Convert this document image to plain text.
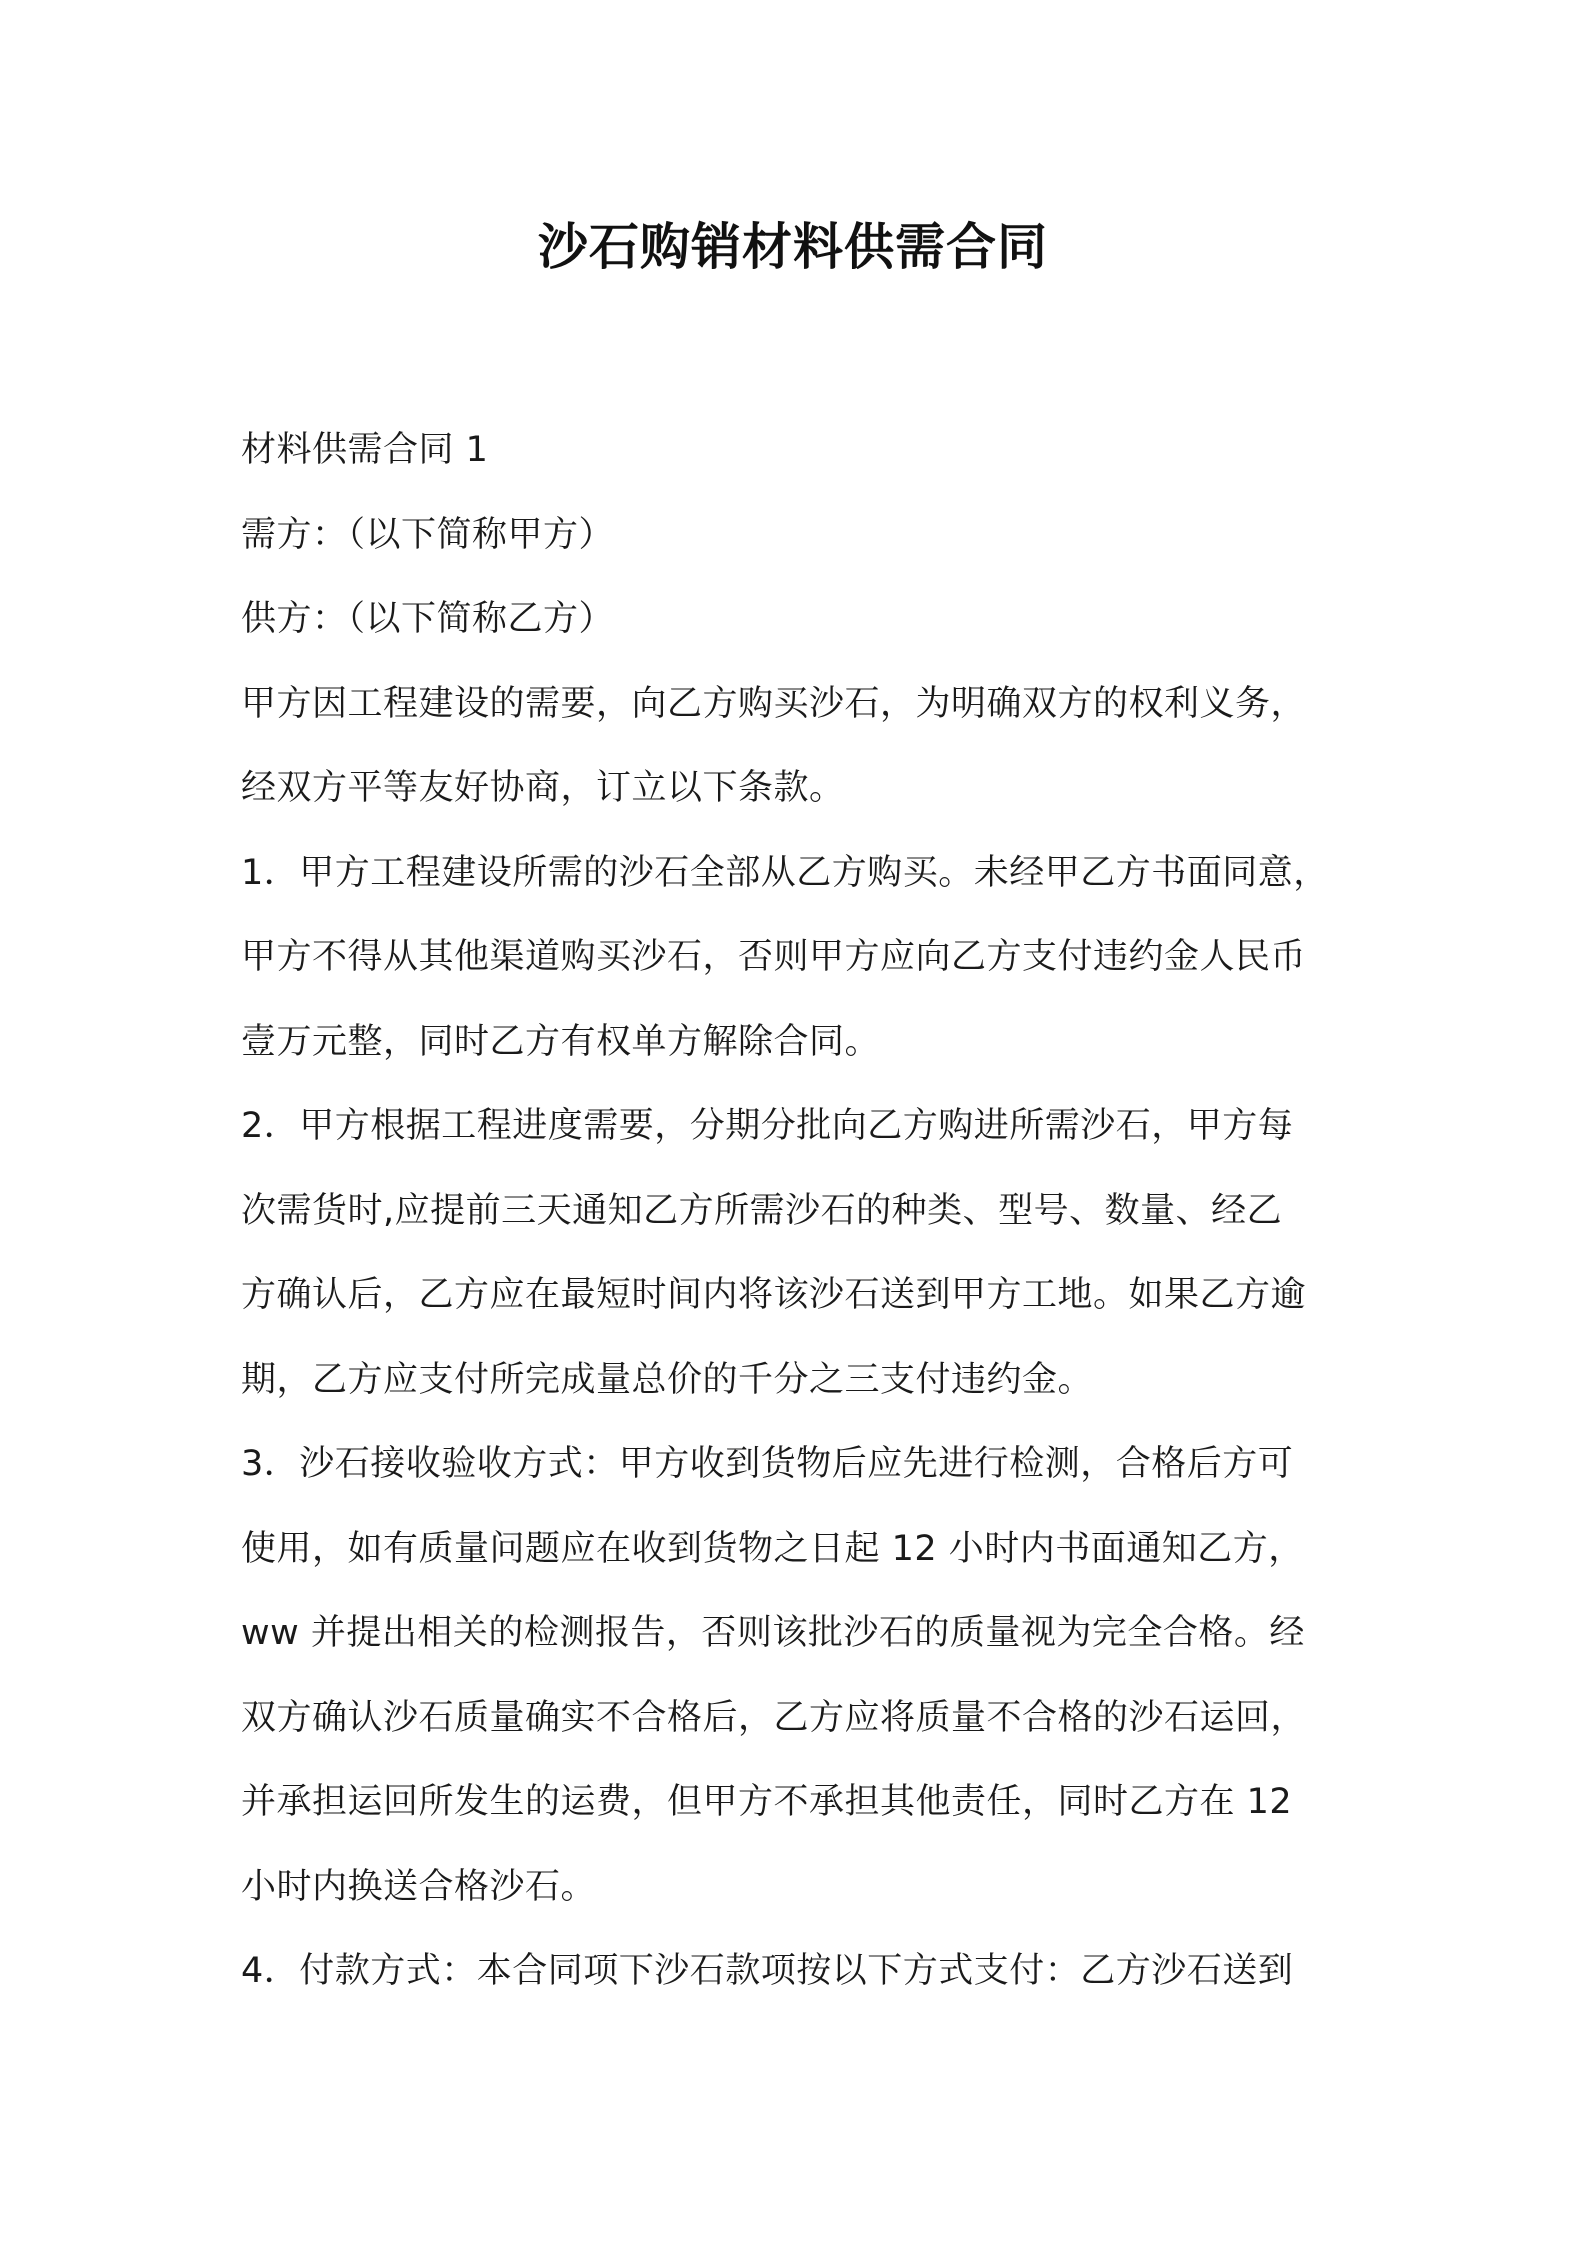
沙石购销材料供需合同
材料供需合同 1
需方：（以下简称甲方）
供方：（以下简称乙方）
甲方因工程建设的需要，向乙方购买沙石，为明确双方的权利义务，
经双方平等友好协商，订立以下条款。
1．甲方工程建设所需的沙石全部从乙方购买。未经甲乙方书面同意，
甲方不得从其他渠道购买沙石，否则甲方应向乙方支付违约金人民币
壹万元整，同时乙方有权单方解除合同。
2．甲方根据工程进度需要，分期分批向乙方购进所需沙石，甲方每
次需货时,应提前三天通知乙方所需沙石的种类、型号、数量、经乙
方确认后，乙方应在最短时间内将该沙石送到甲方工地。如果乙方逾
期，乙方应支付所完成量总价的千分之三支付违约金。
3．沙石接收验收方式：甲方收到货物后应先进行检测，合格后方可
使用，如有质量问题应在收到货物之日起 12 小时内书面通知乙方，
ww 并提出相关的检测报告，否则该批沙石的质量视为完全合格。经
双方确认沙石质量确实不合格后，乙方应将质量不合格的沙石运回，
并承担运回所发生的运费，但甲方不承担其他责任，同时乙方在 12
小时内换送合格沙石。
4．付款方式：本合同项下沙石款项按以下方式支付：乙方沙石送到
